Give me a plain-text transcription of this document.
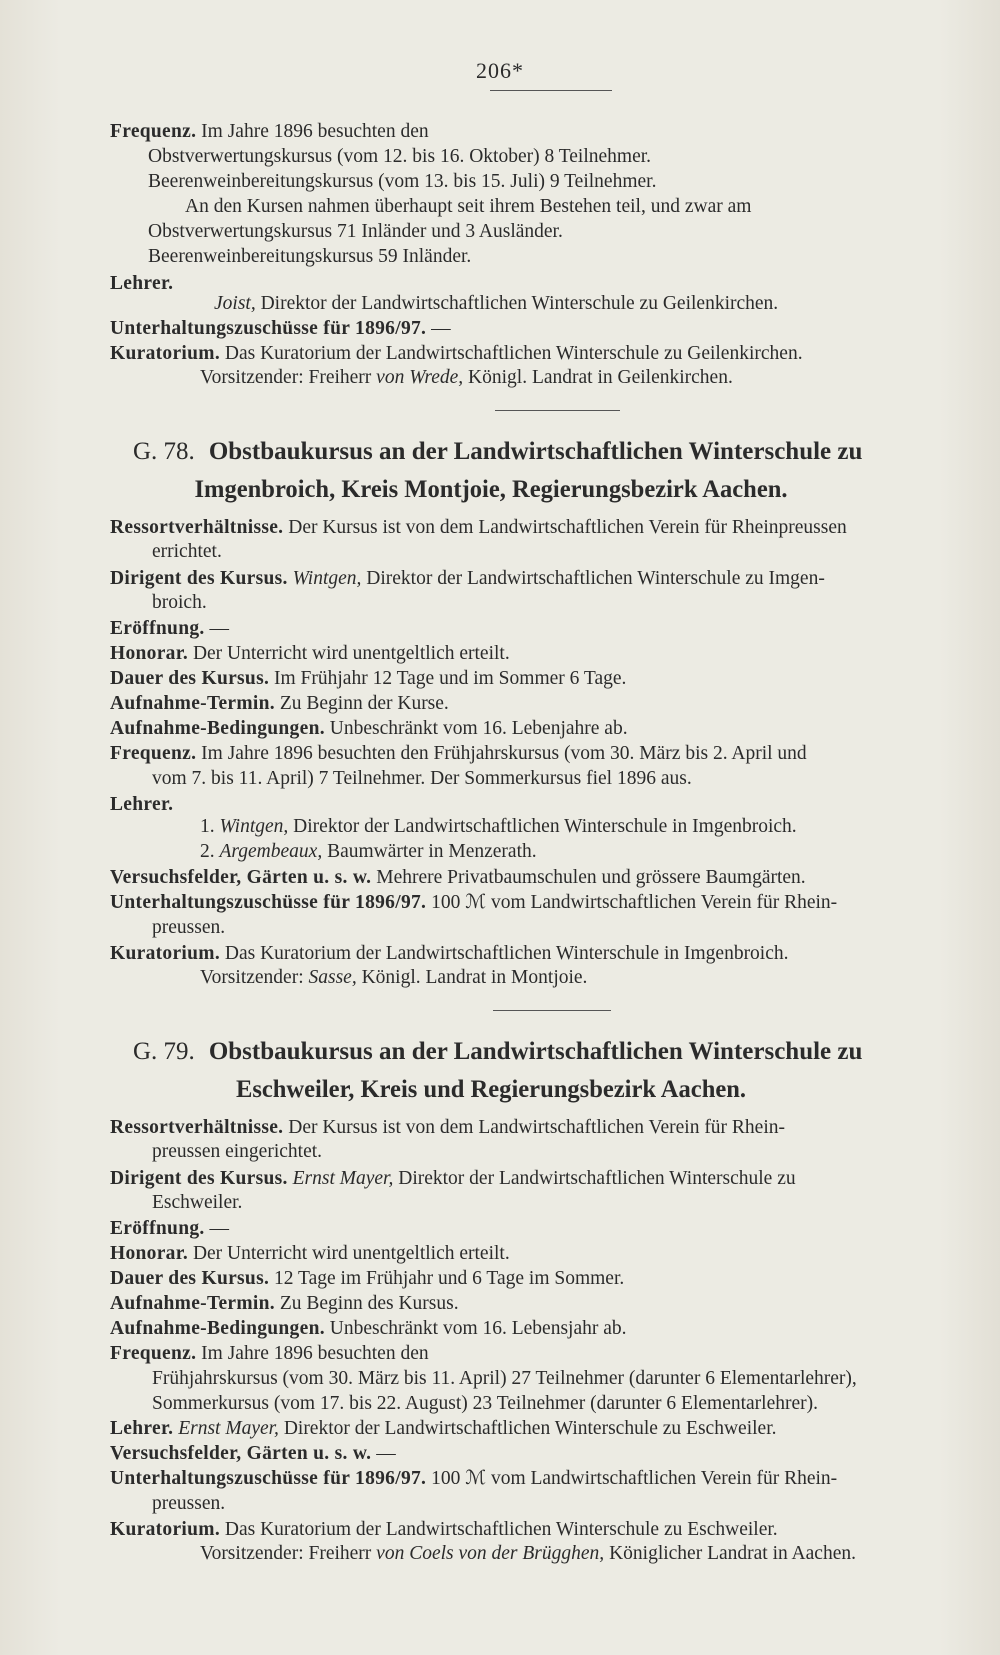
206*
Frequenz. Im Jahre 1896 besuchten den
Obstverwertungskursus (vom 12. bis 16. Oktober) 8 Teilnehmer.
Beerenweinbereitungskursus (vom 13. bis 15. Juli) 9 Teilnehmer.
An den Kursen nahmen überhaupt seit ihrem Bestehen teil, und zwar am
Obstverwertungskursus 71 Inländer und 3 Ausländer.
Beerenweinbereitungskursus 59 Inländer.
Lehrer.
Joist, Direktor der Landwirtschaftlichen Winterschule zu Geilenkirchen.
Unterhaltungszuschüsse für 1896/97. —
Kuratorium. Das Kuratorium der Landwirtschaftlichen Winterschule zu Geilenkirchen.
Vorsitzender: Freiherr von Wrede, Königl. Landrat in Geilenkirchen.
G. 78. Obstbaukursus an der Landwirtschaftlichen Winterschule zu
Imgenbroich, Kreis Montjoie, Regierungsbezirk Aachen.
Ressortverhältnisse. Der Kursus ist von dem Landwirtschaftlichen Verein für Rheinpreussen
errichtet.
Dirigent des Kursus. Wintgen, Direktor der Landwirtschaftlichen Winterschule zu Imgen-
broich.
Eröffnung. —
Honorar. Der Unterricht wird unentgeltlich erteilt.
Dauer des Kursus. Im Frühjahr 12 Tage und im Sommer 6 Tage.
Aufnahme-Termin. Zu Beginn der Kurse.
Aufnahme-Bedingungen. Unbeschränkt vom 16. Lebenjahre ab.
Frequenz. Im Jahre 1896 besuchten den Frühjahrskursus (vom 30. März bis 2. April und
vom 7. bis 11. April) 7 Teilnehmer. Der Sommerkursus fiel 1896 aus.
Lehrer.
1. Wintgen, Direktor der Landwirtschaftlichen Winterschule in Imgenbroich.
2. Argembeaux, Baumwärter in Menzerath.
Versuchsfelder, Gärten u. s. w. Mehrere Privatbaumschulen und grössere Baumgärten.
Unterhaltungszuschüsse für 1896/97. 100 ℳ vom Landwirtschaftlichen Verein für Rhein-
preussen.
Kuratorium. Das Kuratorium der Landwirtschaftlichen Winterschule in Imgenbroich.
Vorsitzender: Sasse, Königl. Landrat in Montjoie.
G. 79. Obstbaukursus an der Landwirtschaftlichen Winterschule zu
Eschweiler, Kreis und Regierungsbezirk Aachen.
Ressortverhältnisse. Der Kursus ist von dem Landwirtschaftlichen Verein für Rhein-
preussen eingerichtet.
Dirigent des Kursus. Ernst Mayer, Direktor der Landwirtschaftlichen Winterschule zu
Eschweiler.
Eröffnung. —
Honorar. Der Unterricht wird unentgeltlich erteilt.
Dauer des Kursus. 12 Tage im Frühjahr und 6 Tage im Sommer.
Aufnahme-Termin. Zu Beginn des Kursus.
Aufnahme-Bedingungen. Unbeschränkt vom 16. Lebensjahr ab.
Frequenz. Im Jahre 1896 besuchten den
Frühjahrskursus (vom 30. März bis 11. April) 27 Teilnehmer (darunter 6 Elementarlehrer),
Sommerkursus (vom 17. bis 22. August) 23 Teilnehmer (darunter 6 Elementarlehrer).
Lehrer. Ernst Mayer, Direktor der Landwirtschaftlichen Winterschule zu Eschweiler.
Versuchsfelder, Gärten u. s. w. —
Unterhaltungszuschüsse für 1896/97. 100 ℳ vom Landwirtschaftlichen Verein für Rhein-
preussen.
Kuratorium. Das Kuratorium der Landwirtschaftlichen Winterschule zu Eschweiler.
Vorsitzender: Freiherr von Coels von der Brügghen, Königlicher Landrat in Aachen.
